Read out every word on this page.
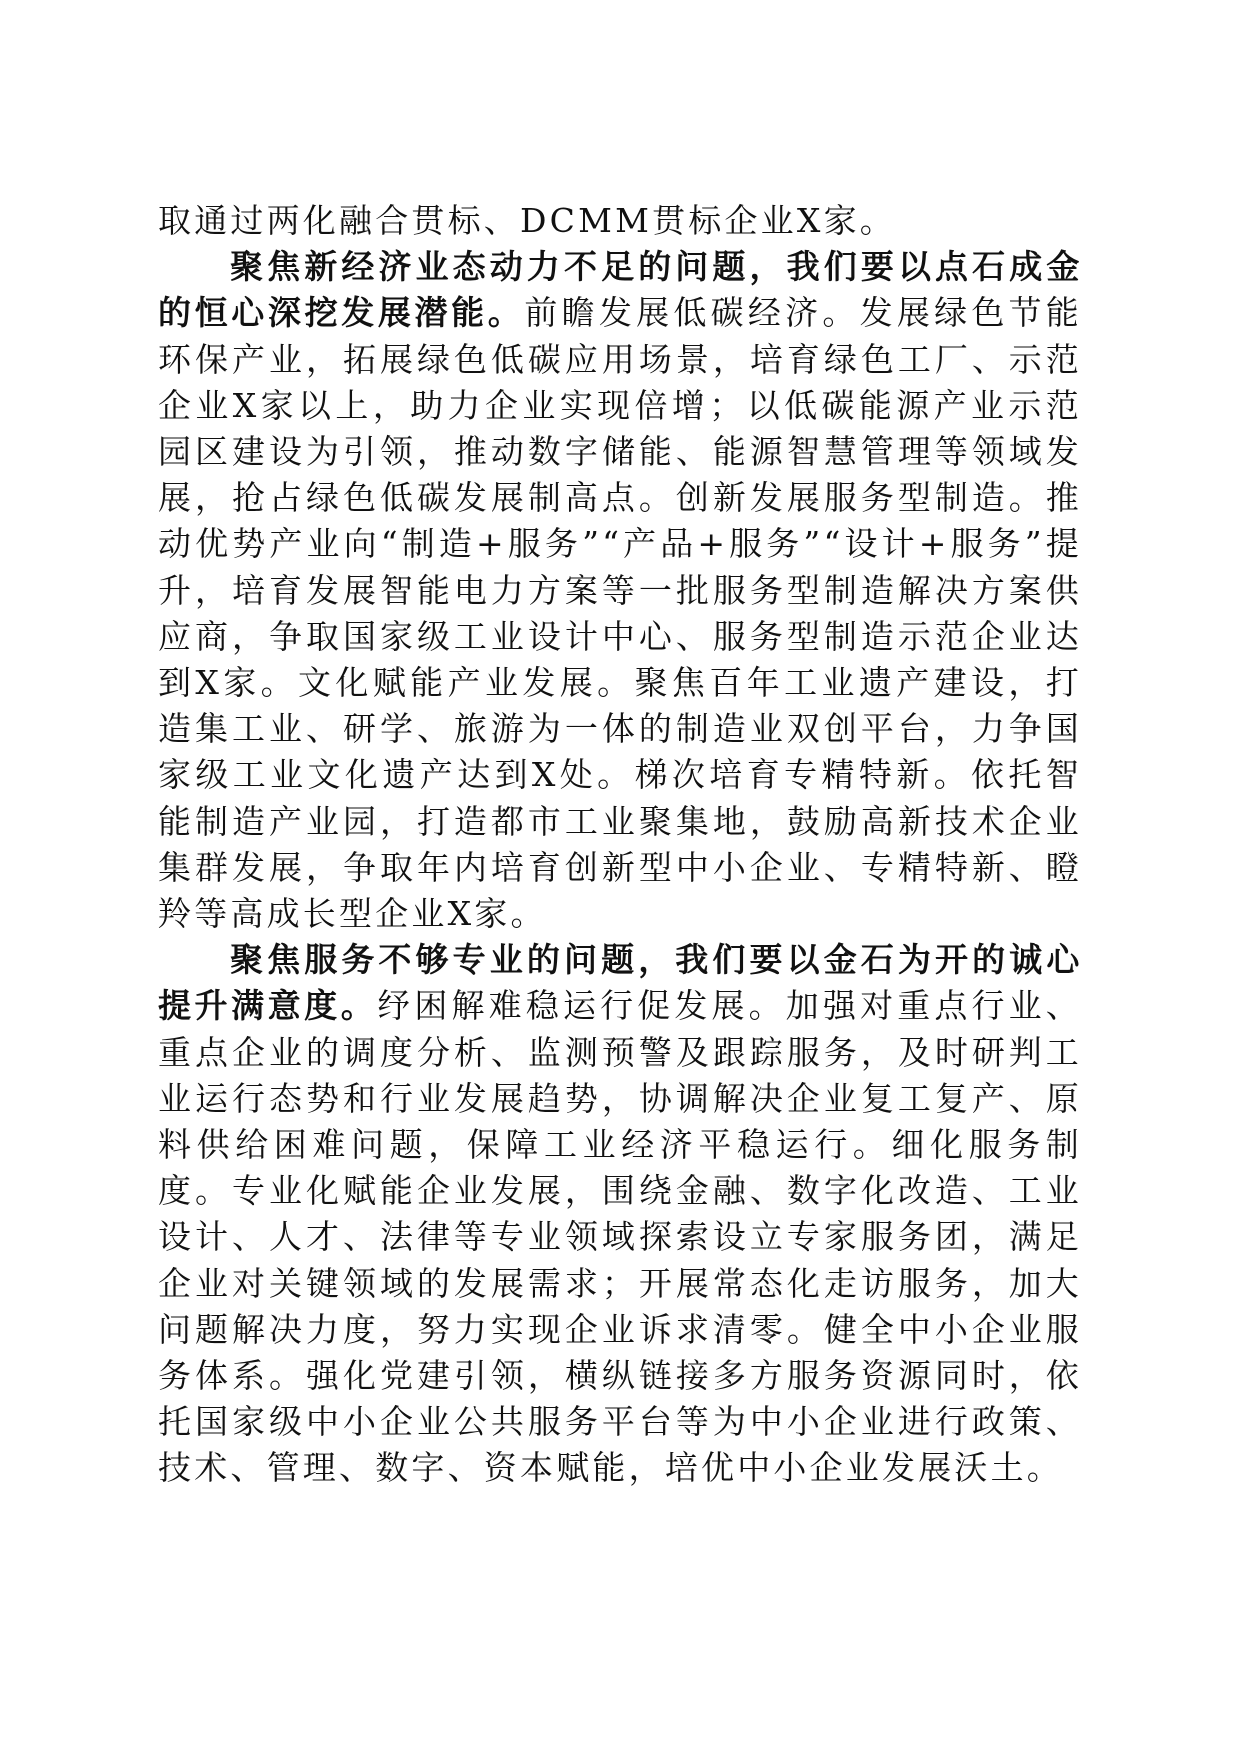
取通过两化融合贯标、DCMM贯标企业X家。

聚焦新经济业态动力不足的问题，我们要以点石成金的恒心深挖发展潜能。前瞻发展低碳经济。发展绿色节能环保产业，拓展绿色低碳应用场景，培育绿色工厂、示范企业X家以上，助力企业实现倍增；以低碳能源产业示范园区建设为引领，推动数字储能、能源智慧管理等领域发展，抢占绿色低碳发展制高点。创新发展服务型制造。推动优势产业向“制造+服务”“产品+服务”“设计+服务”提升，培育发展智能电力方案等一批服务型制造解决方案供应商，争取国家级工业设计中心、服务型制造示范企业达到X家。文化赋能产业发展。聚焦百年工业遗产建设，打造集工业、研学、旅游为一体的制造业双创平台，力争国家级工业文化遗产达到X处。梯次培育专精特新。依托智能制造产业园，打造都市工业聚集地，鼓励高新技术企业集群发展，争取年内培育创新型中小企业、专精特新、瞪羚等高成长型企业X家。

聚焦服务不够专业的问题，我们要以金石为开的诚心提升满意度。纾困解难稳运行促发展。加强对重点行业、重点企业的调度分析、监测预警及跟踪服务，及时研判工业运行态势和行业发展趋势，协调解决企业复工复产、原料供给困难问题，保障工业经济平稳运行。细化服务制度。专业化赋能企业发展，围绕金融、数字化改造、工业设计、人才、法律等专业领域探索设立专家服务团，满足企业对关键领域的发展需求；开展常态化走访服务，加大问题解决力度，努力实现企业诉求清零。健全中小企业服务体系。强化党建引领，横纵链接多方服务资源同时，依托国家级中小企业公共服务平台等为中小企业进行政策、技术、管理、数字、资本赋能，培优中小企业发展沃土。
